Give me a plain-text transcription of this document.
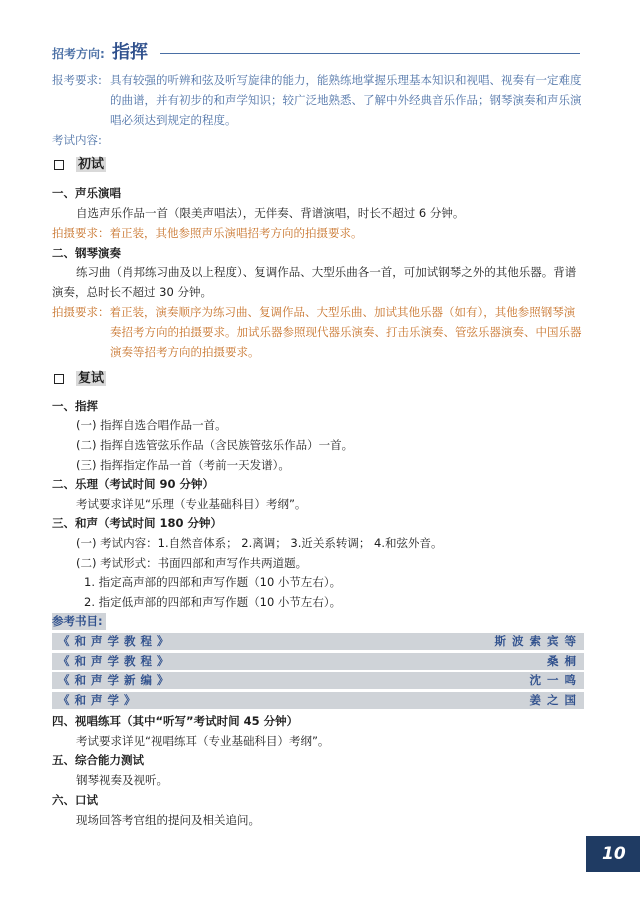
招考方向: 指挥
报考要求: 具有较强的听辨和弦及听写旋律的能力，能熟练地掌握乐理基本知识和视唱、视奏有一定难度
的曲谱，并有初步的和声学知识；较广泛地熟悉、了解中外经典音乐作品；钢琴演奏和声乐演
唱必须达到规定的程度。
考试内容:
初试
一、声乐演唱
自选声乐作品一首（限美声唱法），无伴奏、背谱演唱，时长不超过 6 分钟。
拍摄要求：着正装，其他参照声乐演唱招考方向的拍摄要求。
二、钢琴演奏
练习曲（肖邦练习曲及以上程度）、复调作品、大型乐曲各一首，可加试钢琴之外的其他乐器。背谱
演奏，总时长不超过 30 分钟。
拍摄要求：着正装，演奏顺序为练习曲、复调作品、大型乐曲、加试其他乐器（如有），其他参照钢琴演
奏招考方向的拍摄要求。加试乐器参照现代器乐演奏、打击乐演奏、管弦乐器演奏、中国乐器
演奏等招考方向的拍摄要求。
复试
一、指挥
(一) 指挥自选合唱作品一首。
(二) 指挥自选管弦乐作品（含民族管弦乐作品）一首。
(三) 指挥指定作品一首（考前一天发谱）。
二、乐理（考试时间 90 分钟）
考试要求详见“乐理（专业基础科目）考纲”。
三、和声（考试时间 180 分钟）
(一) 考试内容：1.自然音体系； 2.离调； 3.近关系转调； 4.和弦外音。
(二) 考试形式：书面四部和声写作共两道题。
1. 指定高声部的四部和声写作题（10 小节左右）。
2. 指定低声部的四部和声写作题（10 小节左右）。
参考书目:
《和声学教程》	斯波索宾等
《和声学教程》	桑桐
《和声学新编》	沈一鸣
《和声学》	姜之国
四、视唱练耳（其中“听写”考试时间 45 分钟）
考试要求详见“视唱练耳（专业基础科目）考纲”。
五、综合能力测试
钢琴视奏及视听。
六、口试
现场回答考官组的提问及相关追问。
10
